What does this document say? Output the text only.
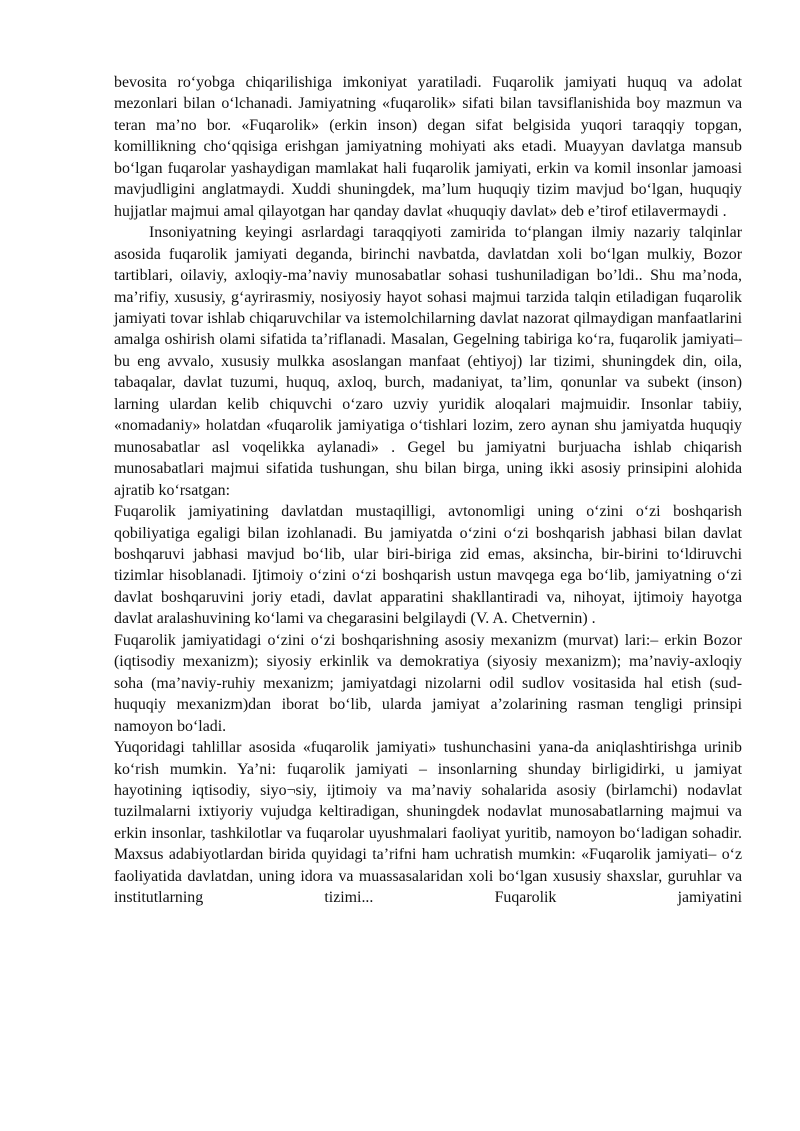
bevosita ro‘yobga chiqarilishiga imkoniyat yaratiladi. Fuqarolik jamiyati huquq va adolat mezonlari bilan o‘lchanadi. Jamiyatning «fuqarolik» sifati bilan tavsiflanishida boy mazmun va teran ma’no bor. «Fuqarolik» (erkin inson) degan sifat belgisida yuqori taraqqiy topgan, komillikning cho‘qqisiga erishgan jamiyatning mohiyati aks etadi. Muayyan davlatga mansub bo‘lgan fuqarolar yashaydigan mamlakat hali fuqarolik jamiyati, erkin va komil insonlar jamoasi mavjudligini anglatmaydi. Xuddi shuningdek, ma’lum huquqiy tizim mavjud bo‘lgan, huquqiy hujjatlar majmui amal qilayotgan har qanday davlat «huquqiy davlat» deb e’tirof etilavermaydi .

Insoniyatning keyingi asrlardagi taraqqiyoti zamirida to‘plangan ilmiy nazariy talqinlar asosida fuqarolik jamiyati deganda, birinchi navbatda, davlatdan xoli bo‘lgan mulkiy, Bozor tartiblari, oilaviy, axloqiy-ma’naviy munosabatlar sohasi tushuniladigan bo’ldi.. Shu ma’noda, ma’rifiy, xususiy, g‘ayrirasmiy, nosiyosiy hayot sohasi majmui tarzida talqin etiladigan fuqarolik jamiyati tovar ishlab chiqaruvchilar va istemolchilarning davlat nazorat qilmaydigan manfaatlarini amalga oshirish olami sifatida ta’riflanadi. Masalan, Gegelning tabiriga ko‘ra, fuqarolik jamiyati–bu eng avvalo, xususiy mulkka asoslangan manfaat (ehtiyoj) lar tizimi, shuningdek din, oila, tabaqalar, davlat tuzumi, huquq, axloq, burch, madaniyat, ta’lim, qonunlar va subekt (inson) larning ulardan kelib chiquvchi o‘zaro uzviy yuridik aloqalari majmuidir. Insonlar tabiiy, «nomadaniy» holatdan «fuqarolik jamiyatiga o‘tishlari lozim, zero aynan shu jamiyatda huquqiy munosabatlar asl voqelikka aylanadi» . Gegel bu jamiyatni burjuacha ishlab chiqarish munosabatlari majmui sifatida tushungan, shu bilan birga, uning ikki asosiy prinsipini alohida ajratib ko‘rsatgan:

Fuqarolik jamiyatining davlatdan mustaqilligi, avtonomligi uning o‘zini o‘zi boshqarish qobiliyatiga egaligi bilan izohlanadi. Bu jamiyatda o‘zini o‘zi boshqarish jabhasi bilan davlat boshqaruvi jabhasi mavjud bo‘lib, ular biri-biriga zid emas, aksincha, bir-birini to‘ldiruvchi tizimlar hisoblanadi. Ijtimoiy o‘zini o‘zi boshqarish ustun mavqega ega bo‘lib, jamiyatning o‘zi davlat boshqaruvini joriy etadi, davlat apparatini shakllantiradi va, nihoyat, ijtimoiy hayotga davlat aralashuvining ko‘lami va chegarasini belgilaydi (V. A. Chetvernin) .

Fuqarolik jamiyatidagi o‘zini o‘zi boshqarishning asosiy mexanizm (murvat) lari:– erkin Bozor (iqtisodiy mexanizm); siyosiy erkinlik va demokratiya (siyosiy mexanizm); ma’naviy-axloqiy soha (ma’naviy-ruhiy mexanizm; jamiyatdagi nizolarni odil sudlov vositasida hal etish (sud-huquqiy mexanizm)dan iborat bo‘lib, ularda jamiyat a’zolarining rasman tengligi prinsipi namoyon bo‘ladi.

Yuqoridagi tahlillar asosida «fuqarolik jamiyati» tushunchasini yana-da aniqlashtirishga urinib ko‘rish mumkin. Ya’ni: fuqarolik jamiyati – insonlarning shunday birligidirki, u jamiyat hayotining iqtisodiy, siyo¬siy, ijtimoiy va ma’naviy sohalarida asosiy (birlamchi) nodavlat tuzilmalarni ixtiyoriy vujudga keltiradigan, shuningdek nodavlat munosabatlarning majmui va erkin insonlar, tashkilotlar va fuqarolar uyushmalari faoliyat yuritib, namoyon bo‘ladigan sohadir. Maxsus adabiyotlardan birida quyidagi ta’rifni ham uchratish mumkin: «Fuqarolik jamiyati– o‘z faoliyatida davlatdan, uning idora va muassasalaridan xoli bo‘lgan xususiy shaxslar, guruhlar va institutlarning tizimi... Fuqarolik jamiyatini
